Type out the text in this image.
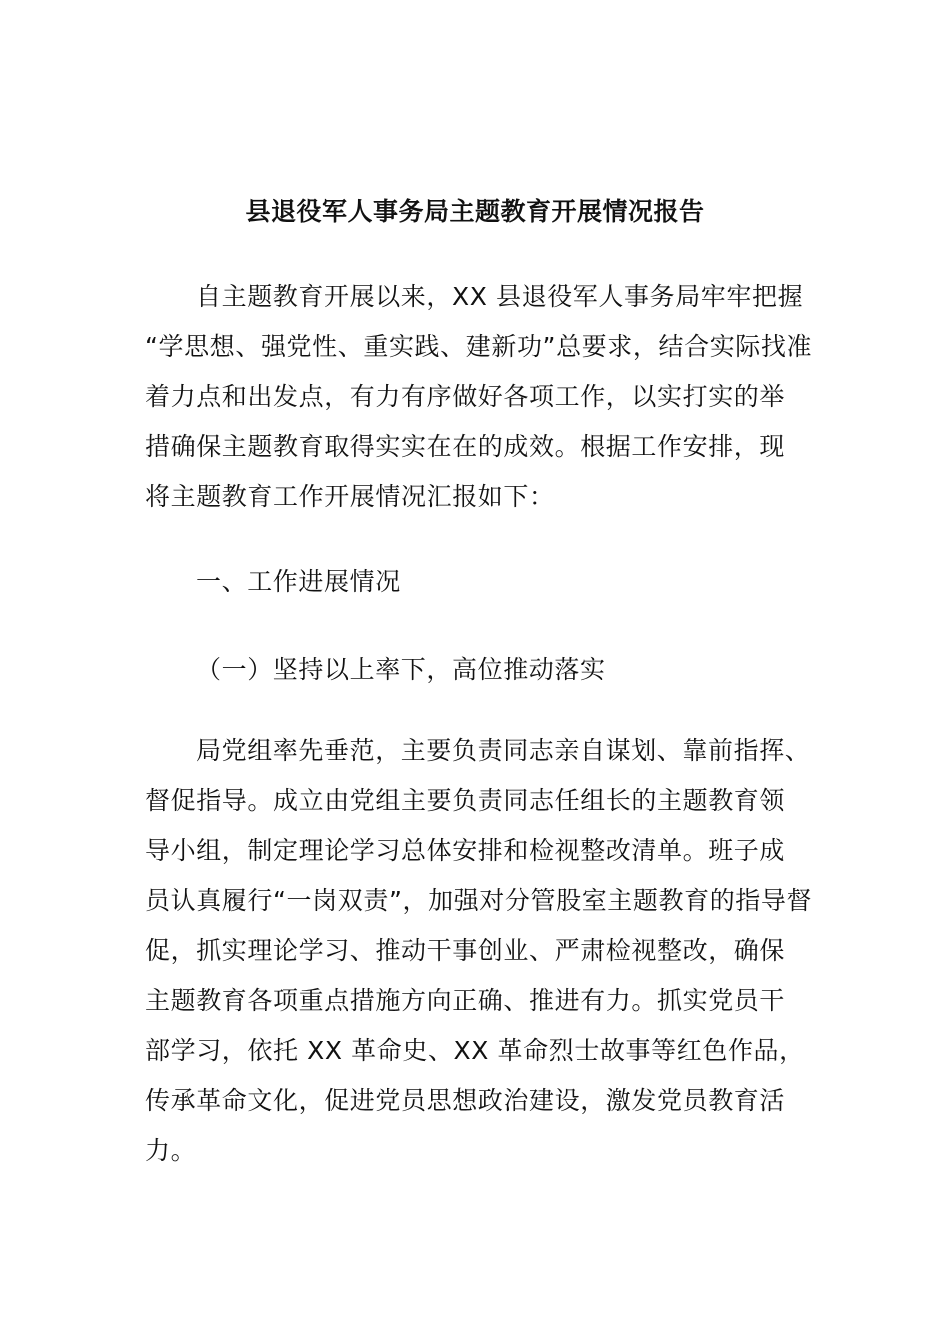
县退役军人事务局主题教育开展情况报告
自主题教育开展以来，XX 县退役军人事务局牢牢把握
“学思想、强党性、重实践、建新功”总要求，结合实际找准
着力点和出发点，有力有序做好各项工作，以实打实的举
措确保主题教育取得实实在在的成效。根据工作安排，现
将主题教育工作开展情况汇报如下：
一、工作进展情况
（一）坚持以上率下，高位推动落实
局党组率先垂范，主要负责同志亲自谋划、靠前指挥、
督促指导。成立由党组主要负责同志任组长的主题教育领
导小组，制定理论学习总体安排和检视整改清单。班子成
员认真履行“一岗双责”，加强对分管股室主题教育的指导督
促，抓实理论学习、推动干事创业、严肃检视整改，确保
主题教育各项重点措施方向正确、推进有力。抓实党员干
部学习，依托 XX 革命史、XX 革命烈士故事等红色作品，
传承革命文化，促进党员思想政治建设，激发党员教育活
力。
